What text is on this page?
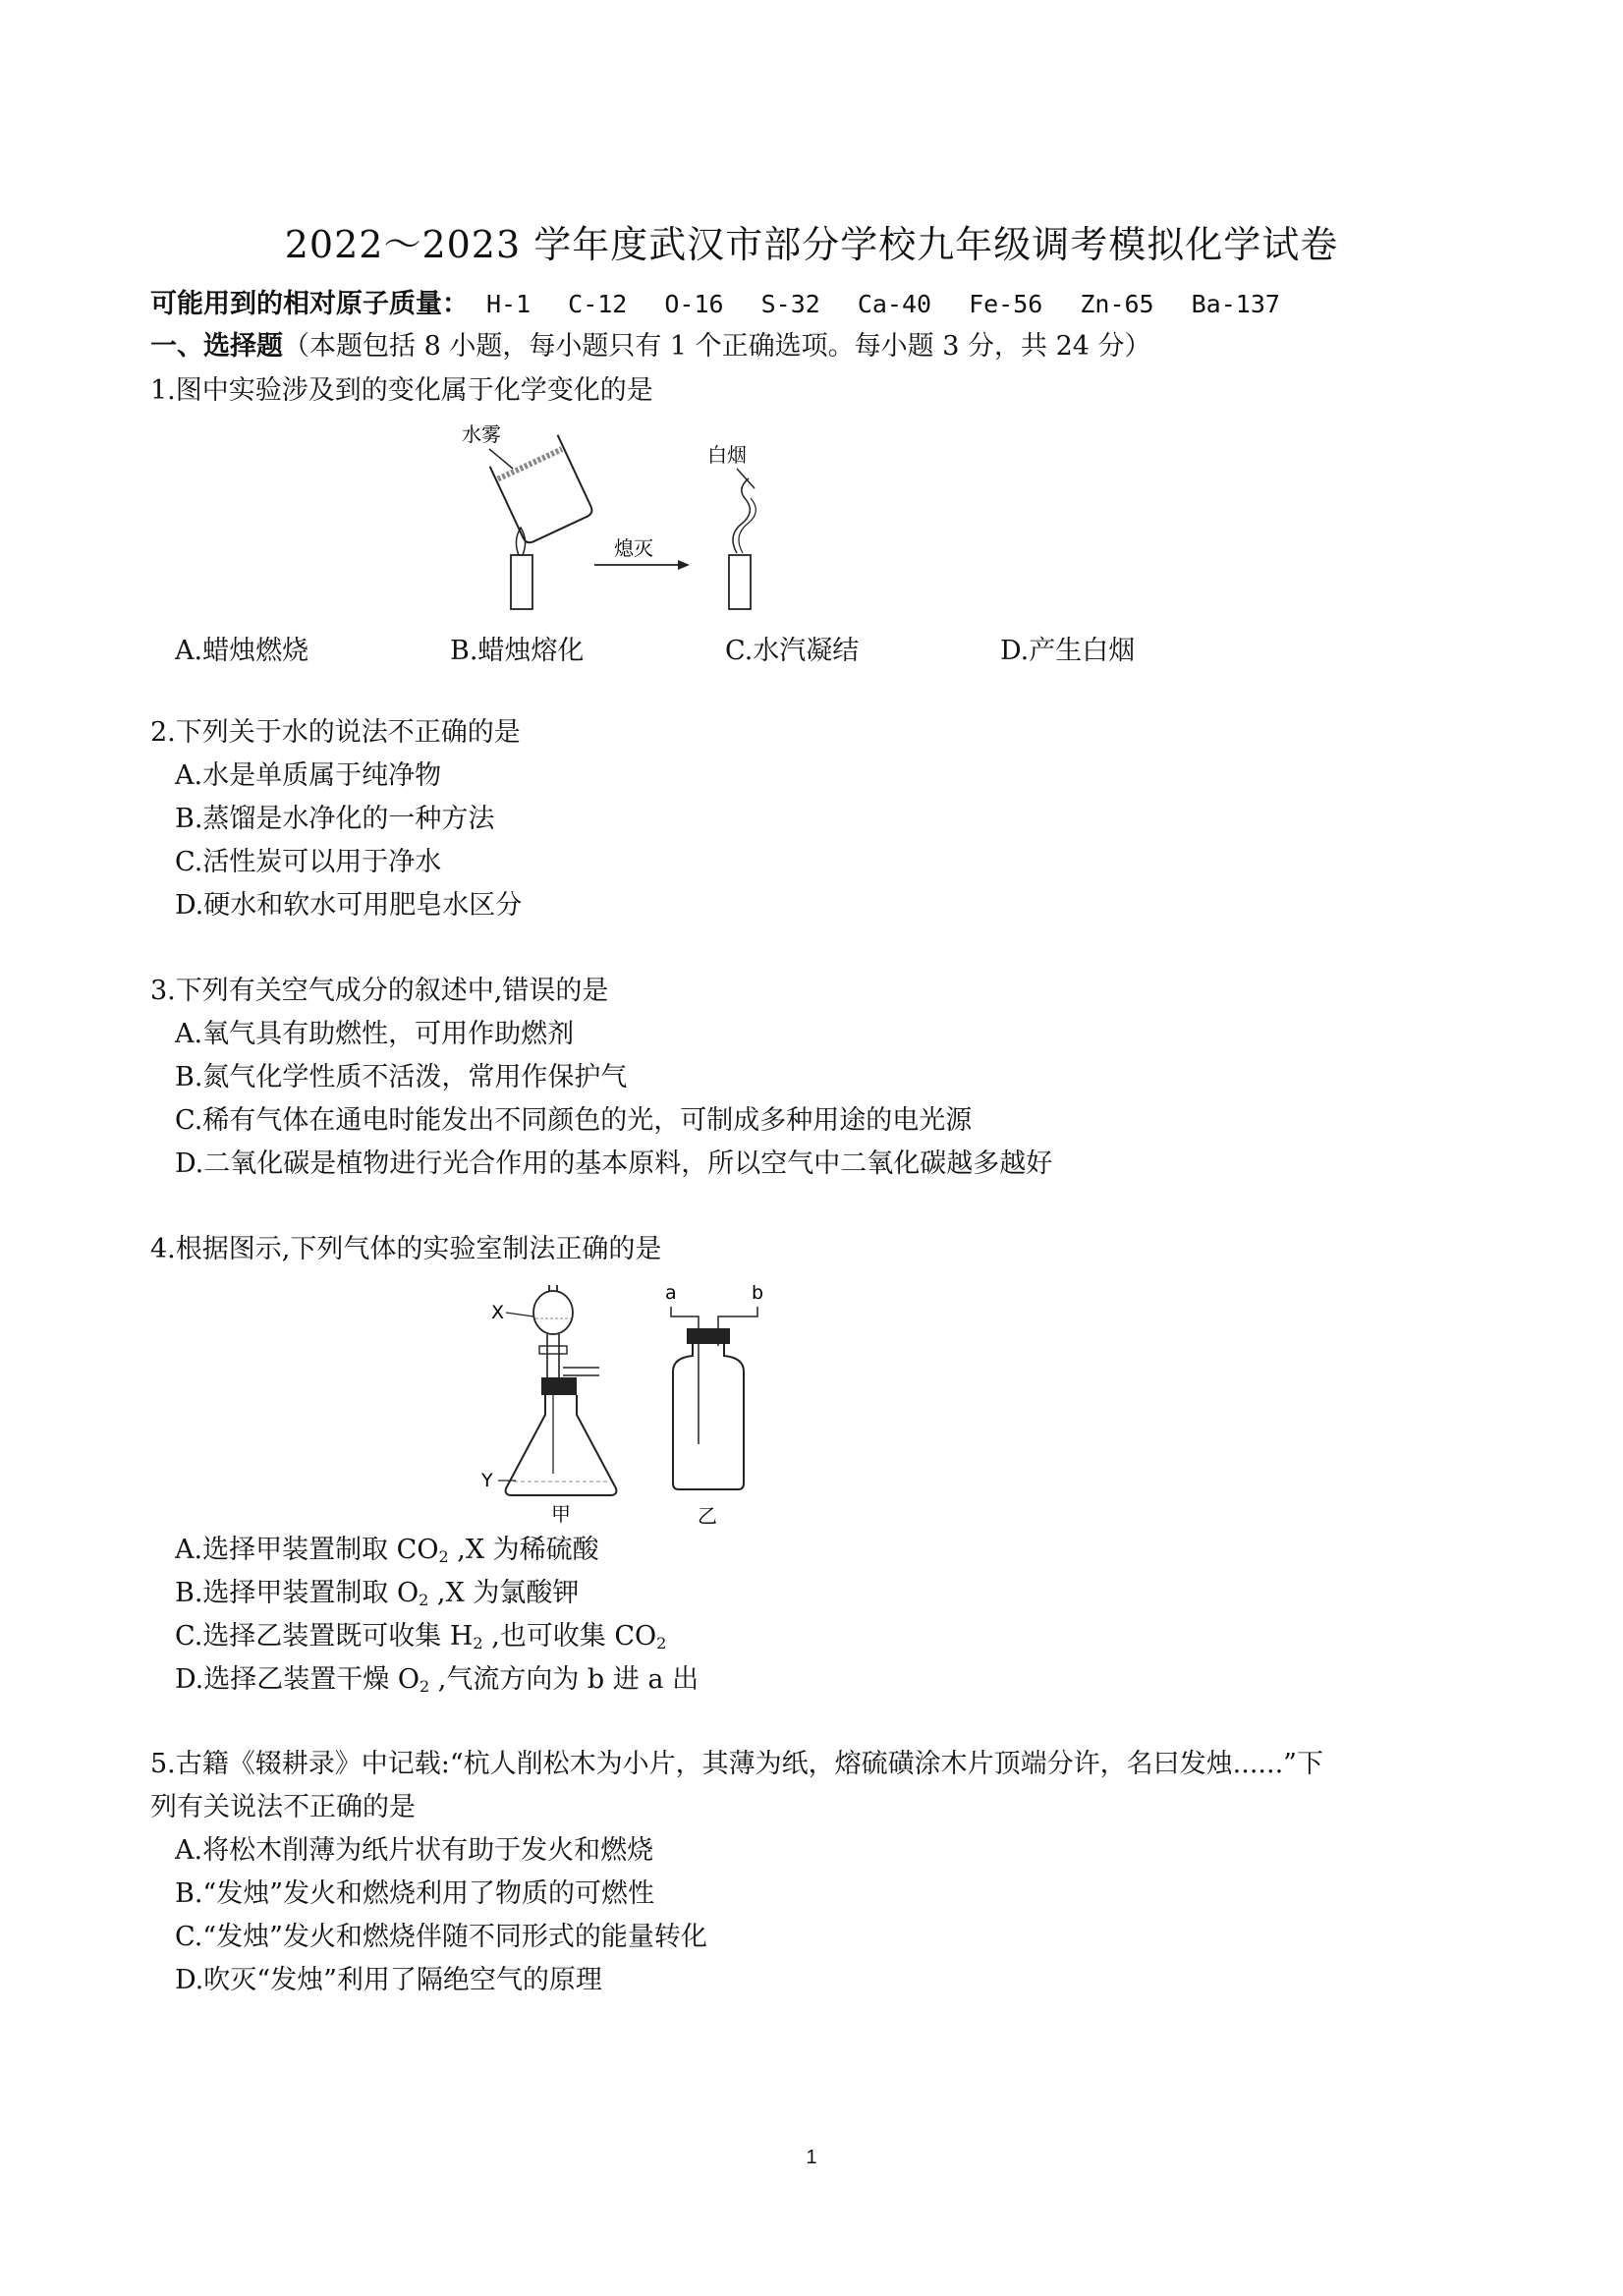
2022～2023 学年度武汉市部分学校九年级调考模拟化学试卷
可能用到的相对原子质量： H-1 C-12 O-16 S-32 Ca-40 Fe-56 Zn-65 Ba-137
一、选择题（本题包括 8 小题，每小题只有 1 个正确选项。每小题 3 分，共 24 分）
1.图中实验涉及到的变化属于化学变化的是
水雾
熄灭
白烟
A.蜡烛燃烧	B.蜡烛熔化	C.水汽凝结	D.产生白烟
2.下列关于水的说法不正确的是
A.水是单质属于纯净物
B.蒸馏是水净化的一种方法
C.活性炭可以用于净水
D.硬水和软水可用肥皂水区分
3.下列有关空气成分的叙述中,错误的是
A.氧气具有助燃性，可用作助燃剂
B.氮气化学性质不活泼，常用作保护气
C.稀有气体在通电时能发出不同颜色的光，可制成多种用途的电光源
D.二氧化碳是植物进行光合作用的基本原料，所以空气中二氧化碳越多越好
4.根据图示,下列气体的实验室制法正确的是
X
Y
甲
a	b
乙
A.选择甲装置制取 $CO_2$ ,X 为稀硫酸
B.选择甲装置制取 $O_2$ ,X 为氯酸钾
C.选择乙装置既可收集 $H_2$ ,也可收集 $CO_2$
D.选择乙装置干燥 $O_2$ ,气流方向为 b 进 a 出
5.古籍《辍耕录》中记载:“杭人削松木为小片，其薄为纸，熔硫磺涂木片顶端分许，名曰发烛......”下
列有关说法不正确的是
A.将松木削薄为纸片状有助于发火和燃烧
B.“发烛”发火和燃烧利用了物质的可燃性
C.“发烛”发火和燃烧伴随不同形式的能量转化
D.吹灭“发烛”利用了隔绝空气的原理
1
